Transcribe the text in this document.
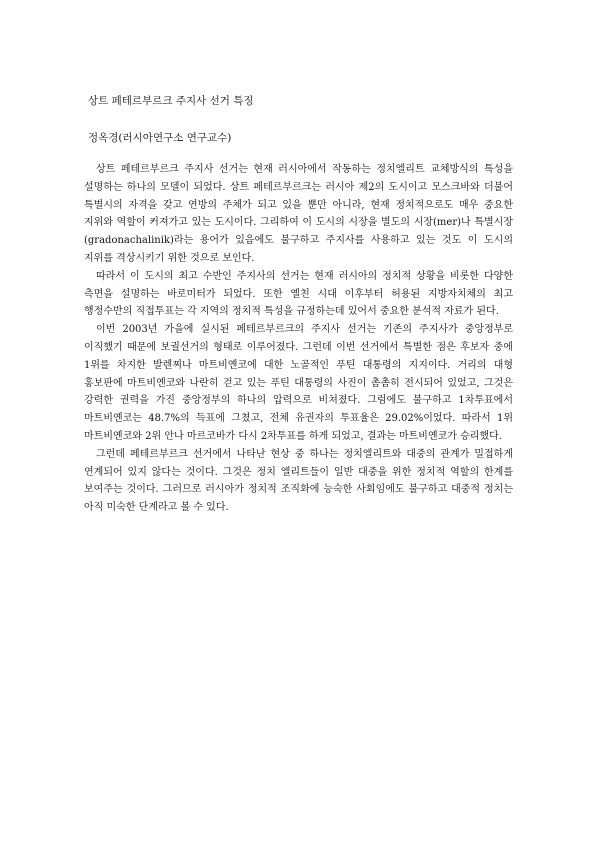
상트 페테르부르크 주지사 선거 특징
정옥경(러시아연구소 연구교수)

상트 페테르부르크 주지사 선거는 현재 러시아에서 작동하는 정치엘리트 교체방식의 특성을 설명하는 하나의 모델이 되었다. 상트 페테르부르크는 러시아 제2의 도시이고 모스크바와 더불어 특별시의 자격을 갖고 연방의 주체가 되고 있을 뿐만 아니라, 현재 정치적으로도 매우 중요한 지위와 역할이 커져가고 있는 도시이다. 그리하여 이 도시의 시장을 별도의 시장(mer)나 특별시장(gradonachalinik)라는 용어가 있음에도 불구하고 주지사를 사용하고 있는 것도 이 도시의 지위를 격상시키기 위한 것으로 보인다.

따라서 이 도시의 최고 수반인 주지사의 선거는 현재 러시아의 정치적 상황을 비롯한 다양한 측면을 설명하는 바로미터가 되었다. 또한 옐친 시대 이후부터 허용된 지방자치체의 최고 행정수반의 직접투표는 각 지역의 정치적 특성을 규정하는데 있어서 중요한 분석적 자료가 된다.

이번 2003년 가을에 실시된 페테르부르크의 주지사 선거는 기존의 주지사가 중앙정부로 이직했기 때문에 보궐선거의 형태로 이루어졌다. 그런데 이번 선거에서 특별한 점은 후보자 중에 1위를 차지한 발렌찌나 마트비옌코에 대한 노골적인 푸틴 대통령의 지지이다. 거리의 대형 홍보판에 마트비옌코와 나란히 걷고 있는 푸틴 대통령의 사진이 촘촘히 전시되어 있었고, 그것은 강력한 권력을 가진 중앙정부의 하나의 압력으로 비쳐졌다. 그럼에도 불구하고 1차투표에서 마트비옌코는 48.7%의 득표에 그쳤고, 전체 유권자의 투표율은 29.02%이었다. 따라서 1위 마트비옌코와 2위 안나 마르코바가 다시 2차투표를 하게 되었고, 결과는 마트비옌코가 승리했다.

그런데 페테르부르크 선거에서 나타난 현상 중 하나는 정치엘리트와 대중의 관계가 밀접하게 연계되어 있지 않다는 것이다. 그것은 정치 엘리트들이 일반 대중을 위한 정치적 역할의 한계를 보여주는 것이다. 그러므로 러시아가 정치적 조직화에 능숙한 사회임에도 불구하고 대중적 정치는 아직 미숙한 단계라고 볼 수 있다.
